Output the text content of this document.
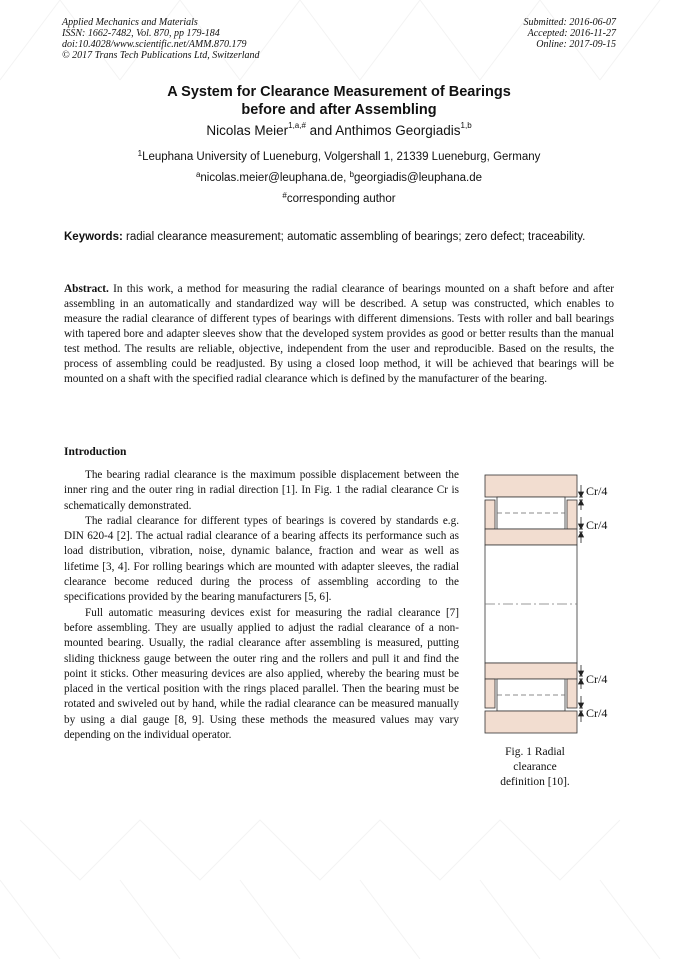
Applied Mechanics and Materials
ISSN: 1662-7482, Vol. 870, pp 179-184
doi:10.4028/www.scientific.net/AMM.870.179
© 2017 Trans Tech Publications Ltd, Switzerland
Submitted: 2016-06-07
Accepted: 2016-11-27
Online: 2017-09-15
A System for Clearance Measurement of Bearings
before and after Assembling
Nicolas Meier$^{1,a,\#}$ and Anthimos Georgiadis$^{1,b}$
$^1$Leuphana University of Lueneburg, Volgershall 1, 21339 Lueneburg, Germany
$^a$nicolas.meier@leuphana.de, $^b$georgiadis@leuphana.de
#corresponding author
Keywords: radial clearance measurement; automatic assembling of bearings; zero defect; traceability.
Abstract. In this work, a method for measuring the radial clearance of bearings mounted on a shaft before and after assembling in an automatically and standardized way will be described. A setup was constructed, which enables to measure the radial clearance of different types of bearings with different dimensions. Tests with roller and ball bearings with tapered bore and adapter sleeves show that the developed system provides as good or better results than the manual test method. The results are reliable, objective, independent from the user and reproducible. Based on the results, the process of assembling could be readjusted. By using a closed loop method, it will be achieved that bearings will be mounted on a shaft with the specified radial clearance which is defined by the manufacturer of the bearing.
Introduction

The bearing radial clearance is the maximum possible displacement between the inner ring and the outer ring in radial direction [1]. In Fig. 1 the radial clearance Cr is schematically demonstrated.

The radial clearance for different types of bearings is covered by standards e.g. DIN 620-4 [2]. The actual radial clearance of a bearing affects its performance such as load distribution, vibration, noise, dynamic balance, fraction and wear as well as lifetime [3, 4]. For rolling bearings which are mounted with adapter sleeves, the radial clearance become reduced during the process of assembling according to the specifications provided by the bearing manufacturers [5, 6].

Full automatic measuring devices exist for measuring the radial clearance [7] before assembling. They are usually applied to adjust the radial clearance of a non-mounted bearing. Usually, the radial clearance after assembling is measured, putting sliding thickness gauge between the outer ring and the rollers and pull it and find the point it sticks. Other measuring devices are also applied, whereby the bearing must be placed in the vertical position with the rings placed parallel. Then the bearing must be rotated and swiveled out by hand, while the radial clearance can be measured manually by using a dial gauge [8, 9]. Using these methods the measured values may vary depending on the individual operator.

Cr/4
Cr/4
Cr/4
Cr/4
Fig. 1 Radial clearance definition [10].
